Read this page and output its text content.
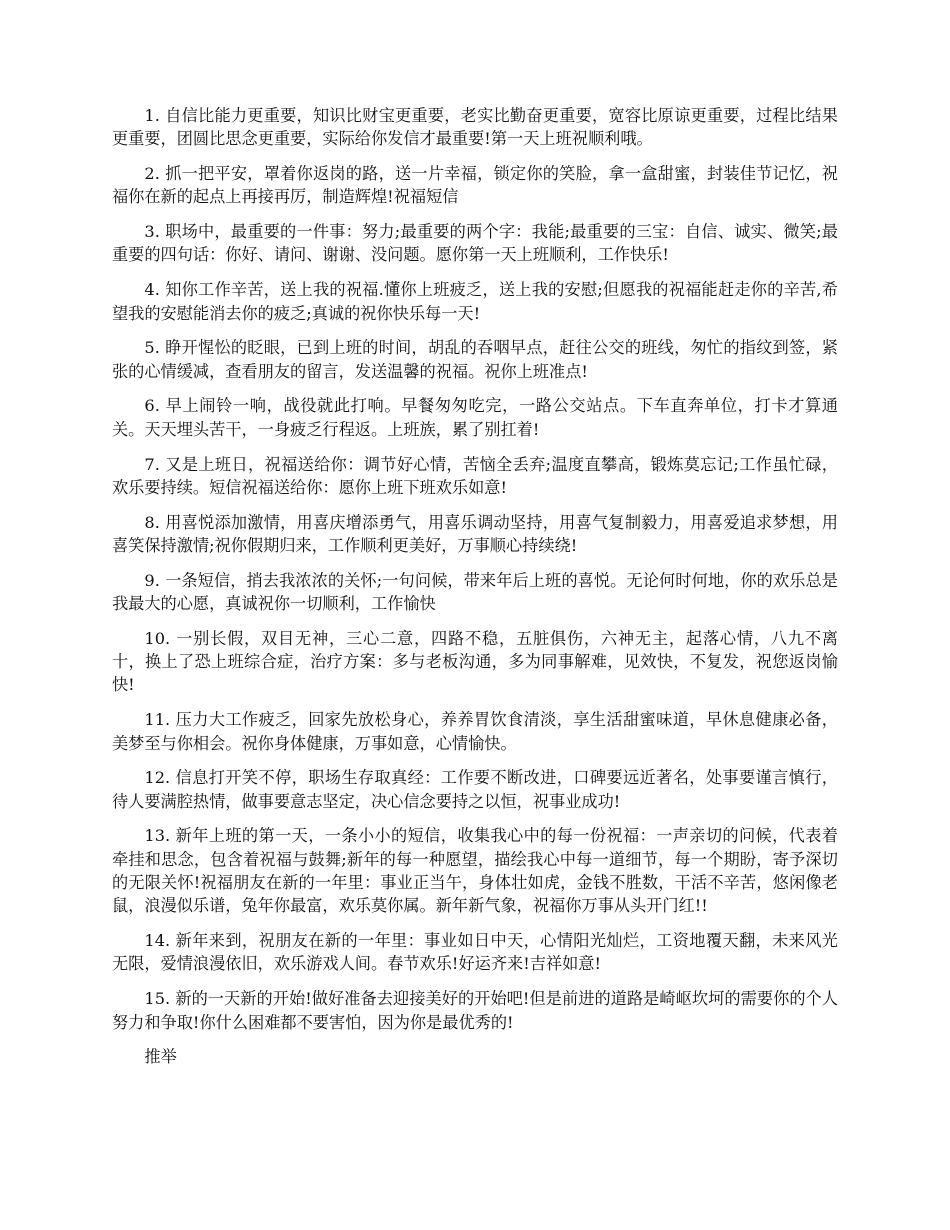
1. 自信比能力更重要，知识比财宝更重要，老实比勤奋更重要，宽容比原谅更重要，过程比结果更重要，团圆比思念更重要，实际给你发信才最重要!第一天上班祝顺利哦。

2. 抓一把平安，罩着你返岗的路，送一片幸福，锁定你的笑脸，拿一盒甜蜜，封装佳节记忆，祝福你在新的起点上再接再厉，制造辉煌!祝福短信

3. 职场中，最重要的一件事：努力;最重要的两个字：我能;最重要的三宝：自信、诚实、微笑;最重要的四句话：你好、请问、谢谢、没问题。愿你第一天上班顺利，工作快乐!

4. 知你工作辛苦，送上我的祝福.懂你上班疲乏，送上我的安慰;但愿我的祝福能赶走你的辛苦,希望我的安慰能消去你的疲乏;真诚的祝你快乐每一天!

5. 睁开惺忪的眨眼，已到上班的时间，胡乱的吞咽早点，赶往公交的班线，匆忙的指纹到签，紧张的心情缓减，查看朋友的留言，发送温馨的祝福。祝你上班准点!

6. 早上闹铃一响，战役就此打响。早餐匆匆吃完，一路公交站点。下车直奔单位，打卡才算通关。天天埋头苦干，一身疲乏行程返。上班族，累了别扛着!

7. 又是上班日，祝福送给你：调节好心情，苦恼全丢弃;温度直攀高，锻炼莫忘记;工作虽忙碌，欢乐要持续。短信祝福送给你：愿你上班下班欢乐如意!

8. 用喜悦添加激情，用喜庆增添勇气，用喜乐调动坚持，用喜气复制毅力，用喜爱追求梦想，用喜笑保持激情;祝你假期归来，工作顺利更美好，万事顺心持续绕!

9. 一条短信，捎去我浓浓的关怀;一句问候，带来年后上班的喜悦。无论何时何地，你的欢乐总是我最大的心愿，真诚祝你一切顺利，工作愉快

10. 一别长假，双目无神，三心二意，四路不稳，五脏俱伤，六神无主，起落心情，八九不离十，换上了恐上班综合症，治疗方案：多与老板沟通，多为同事解难，见效快，不复发，祝您返岗愉快!

11. 压力大工作疲乏，回家先放松身心，养养胃饮食清淡，享生活甜蜜味道，早休息健康必备，美梦至与你相会。祝你身体健康，万事如意，心情愉快。

12. 信息打开笑不停，职场生存取真经：工作要不断改进，口碑要远近著名，处事要谨言慎行，待人要满腔热情，做事要意志坚定，决心信念要持之以恒，祝事业成功!

13. 新年上班的第一天，一条小小的短信，收集我心中的每一份祝福：一声亲切的问候，代表着牵挂和思念，包含着祝福与鼓舞;新年的每一种愿望，描绘我心中每一道细节，每一个期盼，寄予深切的无限关怀!祝福朋友在新的一年里：事业正当午，身体壮如虎，金钱不胜数，干活不辛苦，悠闲像老鼠，浪漫似乐谱，兔年你最富，欢乐莫你属。新年新气象，祝福你万事从头开门红!!

14. 新年来到，祝朋友在新的一年里：事业如日中天，心情阳光灿烂，工资地覆天翻，未来风光无限，爱情浪漫依旧，欢乐游戏人间。春节欢乐!好运齐来!吉祥如意!

15. 新的一天新的开始!做好准备去迎接美好的开始吧!但是前进的道路是崎岖坎坷的需要你的个人努力和争取!你什么困难都不要害怕，因为你是最优秀的!

推举
